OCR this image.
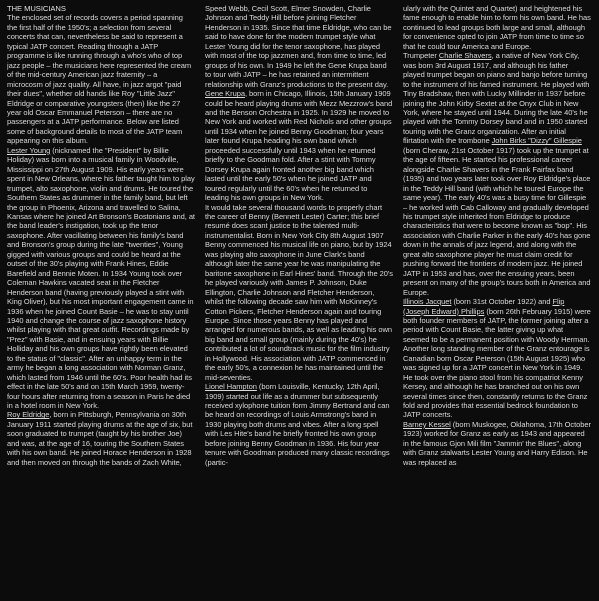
THE MUSICIANS

The enclosed set of records covers a period spanning the first half of the 1950's; a selection from several concerts that can, nevertheless be said to represent a typical JATP concert. Reading through a JATP programme is like running through a who's who of top jazz people – the musicians here represented the cream of the mid-century American jazz fraternity – a microcosm of jazz quality. All have, in jazz argot "paid their dues", whether old hands like Roy "Little Jazz" Eldridge or comparative youngsters (then) like the 27 year old Oscar Emmanuel Peterson – there are no passengers at a JATP performance. Below are listed some of background details to most of the JATP team appearing on this album.

Lester Young (nicknamed the "President" by Billie Holiday) was born into a musical family in Woodville, Mississippi on 27th August 1909. His early years were spent in New Orleans, where his father taught him to play trumpet, alto saxophone, violin and drums. He toured the Southern States as drummer in the family band, but left the group in Phoenix, Arizona and travelled to Salina, Kansas where he joined Art Bronson's Bostonians and, at the band leader's instigation, took up the tenor saxophone. After vacillating between his family's band and Bronson's group during the late "twenties", Young gigged with various groups and could be heard at the outset of the 30's playing with Frank Hines, Eddie Barefield and Bennie Moten. In 1934 Young took over Coleman Hawkins vacated seat in the Fletcher Henderson band (having previously played a stint with King Oliver), but his most important engagement came in 1936 when he joined Count Basie – he was to stay until 1940 and change the course of jazz saxophone history whilst playing with that great outfit. Recordings made by "Prez" with Basie, and in ensuing years with Billie Holliday and his own groups have rightly been elevated to the status of "classic". After an unhappy term in the army he began a long association with Norman Granz, which lasted from 1946 until the 60's. Poor health had its effect in the late 50's and on 15th March 1959, twenty-four hours after returning from a season in Paris he died in a hotel room in New York.

Roy Eldridge, born in Pittsburgh, Pennsylvania on 30th January 1911 started playing drums at the age of six, but soon graduated to trumpet (taught by his brother Joe) and was, at the age of 16, touring the Southern States with his own band. He joined Horace Henderson in 1928 and then moved on through the bands of Zach White,

Speed Webb, Cecil Scott, Elmer Snowden, Charlie Johnson and Teddy Hill before joining Fletcher Henderson in 1935. Since that time Eldridge, who can be said to have done for the modern trumpet style what Lester Young did for the tenor saxophone, has played with most of the top jazzmen and, from time to time, led groups of his own. In 1949 he left the Gene Krupa band to tour with JATP – he has retained an intermittent relationship with Granz's productions to the present day.

Gene Krupa, born in Chicago, Illinois, 15th January 1909 could be heard playing drums with Mezz Mezzrow's band and the Benson Orchestra in 1925. In 1929 he moved to New York and worked with Red Nichols and other groups until 1934 when he joined Benny Goodman; four years later found Krupa heading his own band which proceeded successfully until 1943 when he returned briefly to the Goodman fold. After a stint with Tommy Dorsey Krupa again fronted another big band which lasted until the early 50's when he joined JATP and toured regularly until the 60's when he returned to leading his own groups in New York.

It would take several thousand words to properly chart the career of Benny (Bennett Lester) Carter; this brief resumé does scant justice to the talented multi-instrumentalist. Born in New York City 8th August 1907 Benny commenced his musical life on piano, but by 1924 was playing alto saxophone in June Clark's band although later the same year he was manipulating the baritone saxophone in Earl Hines' band. Through the 20's he played variously with James P. Johnson, Duke Ellington, Charlie Johnson and Fletcher Henderson, whilst the following decade saw him with McKinney's Cotton Pickers, Fletcher Henderson again and touring Europe. Since those years Benny has played and arranged for numerous bands, as well as leading his own big band and small group (mainly during the 40's) he contributed a lot of soundtrack music for the film industry in Hollywood. His association with JATP commenced in the early 50's, a connexion he has maintained until the mid-seventies.

Lionel Hampton (born Louisville, Kentucky, 12th April, 1909) started out life as a drummer but subsequently received xylophone tuition form Jimmy Bertrand and can be heard on recordings of Louis Armstrong's band in 1930 playing both drums and vibes. After a long spell with Les Hite's band he briefly fronted his own group before joining Benny Goodman in 1936. His four year tenure with Goodman produced many classic recordings (partic-

ularly with the Quintet and Quartet) and heightened his fame enough to enable him to form his own band. He has continued to lead groups both large and small, although for convenience opted to join JATP from time to time so that he could tour America and Europe.

Trumpeter Charlie Shavers, a native of New York City, was born 3rd August 1917, and although his father played trumpet began on piano and banjo before turning to the instrument of his famed instrument. He played with Tiny Bradshaw, then with Lucky Millinder in 1937 before joining the John Kirby Sextet at the Onyx Club in New York, where he stayed until 1944. During the late 40's he played with the Tommy Dorsey band and in 1950 started touring with the Granz organization. After an initial flirtation with the trombone John Birks "Dizzy" Gillespie (born Cheraw, 21st October 1917) took up the trumpet at the age of fifteen. He started his professional career alongside Charlie Shavers in the Frank Fairfax band (1935) and two years later took over Roy Eldridge's place in the Teddy Hill band (with which he toured Europe the same year). The early 40's was a busy time for Gillespie – he worked with Cab Calloway and gradually developed his trumpet style inherited from Eldridge to produce characteristics that were to become known as "bop". His association with Charlie Parker in the early 40's has gone down in the annals of jazz legend, and along with the great alto saxophone player he must claim credit for pushing forward the frontiers of modern jazz. He joined JATP in 1953 and has, over the ensuing years, been present on many of the group's tours both in America and Europe.

Illinois Jacquet (born 31st October 1922) and Flip (Joseph Edward) Phillips (born 26th February 1915) were both founder members of JATP, the former joining after a period with Count Basie, the latter giving up what seemed to be a permanent position with Woody Herman. Another long standing member of the Granz entourage is Canadian born Oscar Peterson (15th August 1925) who was signed up for a JATP concert in New York in 1949. He took over the piano stool from his compatriot Kenny Kersey, and although he has branched out on his own several times since then, constantly returns to the Granz fold and provides that essential bedrock foundation to JATP concerts.

Barney Kessel (born Muskogee, Oklahoma, 17th October 1923) worked for Granz as early as 1943 and appeared in the famous Gjon Mili film "Jammin' the Blues", along with Granz stalwarts Lester Young and Harry Edison. He was replaced as
